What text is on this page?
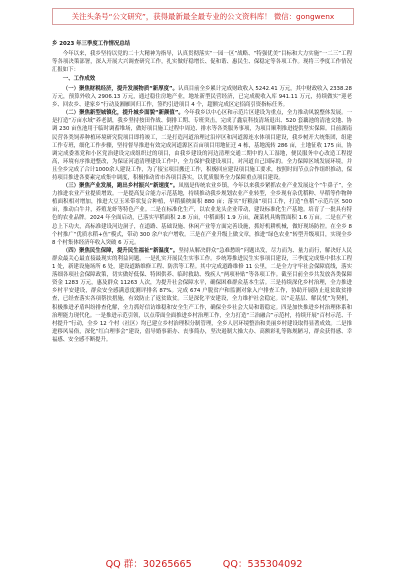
关注头条号“公文研究”，获得最新最全最专业的公文资料库！ 微信：gongwenx

乡 2023 年三季度工作情况总结

今年以来，我乡坚持以党的二十大精神为指导，认真贯彻落实“一园一区”战略、“特强优美”目标和大力实施“一二三”工程等各项决策部署，深入开展大兴调查研究工作，扎实做好稳增长、促和谐、惠民生、保稳定等各项工作。现将三季度工作情况汇报如下：

一、工作成效

（一）聚焦财税经济，提升发展物质“新厚度”。认真目前全乡累计完成财政收入 5242.41 万元，其中财政收入 2338.28 万元，预算外收入 2906.13 万元，通过稳住房地产业，地址新型民营经济，已完成税收入库 941.11 万元，持续做实“迎老乡、回农乡、建家乡”行动及湘雁回归工作，签约引进项目 4 个，超额完成区定招商引资指标任务。

（二）聚焦新型城镇化，提升城乡面貌“新颜值”。今年我乡以中心区和示范片区建设为重点，全力推动风貌整体发展。一是打造“万亩水域”养老湖，我乡坚持按田作战、倒排工期、专班突击，完成了鑫宸科技清场退出、520 套藕池的清池交地、协调 230 亩鱼池用于临时调蓄堆场，做好项目施工过程中周边、排水等各类服务事项，为项目顺利推进提供坚实保障。目前湖南民营各类饲养种植环境研究院项目即将竣工，二是打造河道治理过沿岸区和河道源连水体项目建设，我乡树开大统集团，组建工作专班，细化工作步骤，坚持督导推进有效完成河道源区百亩项目用地征迁 4 栋，基地流转 286 亩，土地征收 175 亩，协调完成委塞党和小区党治建设完成组织过的项目，由我乡建设的河边清理交通二期中的人工湿地，便民服务中心改造工程提高，环境有序推进整改，为保证河道清理建设工作中，全力保护我建设项目，对河道自己国际的。全力保障区域发展环境，并且全乡完成了合计1000余人建设工作，为了接宝项目搬迁工作，积极回应建设项目施工要求，按照时间节点合作组织推动，保持项目推进各要素完成集中调度，积极推动省市各项目落实，以优质服务全力保障重点项目建设。

（三）聚焦产业发展，跑出乡村振兴“新速度”。凤凰是传统农业乡镇，今年以来我乡紧抓农业产业发展这个“牛鼻子”，全力推进农业产业提质增效。一是提高复合能力示范基地，持续推动我乡规划农业产业转型，全乡现有杂优稻种、早稻等作物种植面积相对增加，推进大豆玉米带状复合种植，早稻插秧面积 880 亩；落实“好粮油”项目工作，打造“鱼稻”示范片区 500 亩，推动白牛井，养殖龙虾等特色产业。二是在标准化生产，以农业龙头企业带动，建设标准化生产基地。培育了一批具有特色的农业品牌。2024 年全面启动，已落实早稻面积 2.8 万亩，中稻面积 1.9 万亩，蔬菜机具购置面积 1.6 万亩。二是在产业总上下功夫，高标准建设河边洞子，在道路、基础设施、休闲产业等方面完善设施，抓好机耕机械，做好现场防控。在全乡 8 个村推广“优质水稻+鱼”模式，带动 300 余户农户增收。三是在产业升级上做文章，推进“绿色农业”转型升级项目，实现全乡 8 个村集体经济年收入突破 6 万元。

（四）聚焦民生保障，提升民生福祉“新温度”。坚持从解决群众“急难愁盼”问题出发，尽力而为、量力而行，解决好人民群众最关心最直接最现实的利益问题。一是扎实开展民生实事工作。乡统筹推进民生实事项目建设，三季度完成集中供水工程 1 处，新建设施场所 6 处，建设道路维修工程、防洪等工程。其中完成道路维修 11 公里，二是全力守牢社会保障底线，落实落细各项社会保障政策，切实做好低保、特困供养、临时救助、残疾人“两项补贴”等各项工作。截至目前全乡共发放各类保障资金 1283 万元，惠及群众 11263 人次，为提升社会保障水平，确保困难群众基本生活。三是持续深化乡村治理，全力推进乡村平安建设，群众安全感满意度测评排名 87%。完成 674 户脱贫户和监测对象入户排查工作，协助开展防止返贫致贫排查，已经查落实各项帮扶措施，有效防止了返贫致贫。三是深化平安建设，全力维护社会稳定。以“走基层、解民忧”为契机，积极推进矛盾纠纷排查化解，全力抓好信访维稳和安全生产工作，确保全乡社会大局和谐稳定。四是加快推进乡村治理体系和治理能力现代化。一是推进示范引领，以点带面全面推进乡村治理工作，全力打造“三治融合”示范村，持续开展“百村示范、千村提升”行动，全乡 12 个村（社区）均已建立乡村治理积分制管理，全乡人居环境整治和美丽乡村建设取得显著成效。二是推进移风易俗，深化“红白理事会”建设，倡导婚事新办、丧事简办，坚决遏制大操大办、高额彩礼等陈规陋习，群众获得感、幸福感、安全感不断提升。

QQ 群：30265665	QQ：535304092
